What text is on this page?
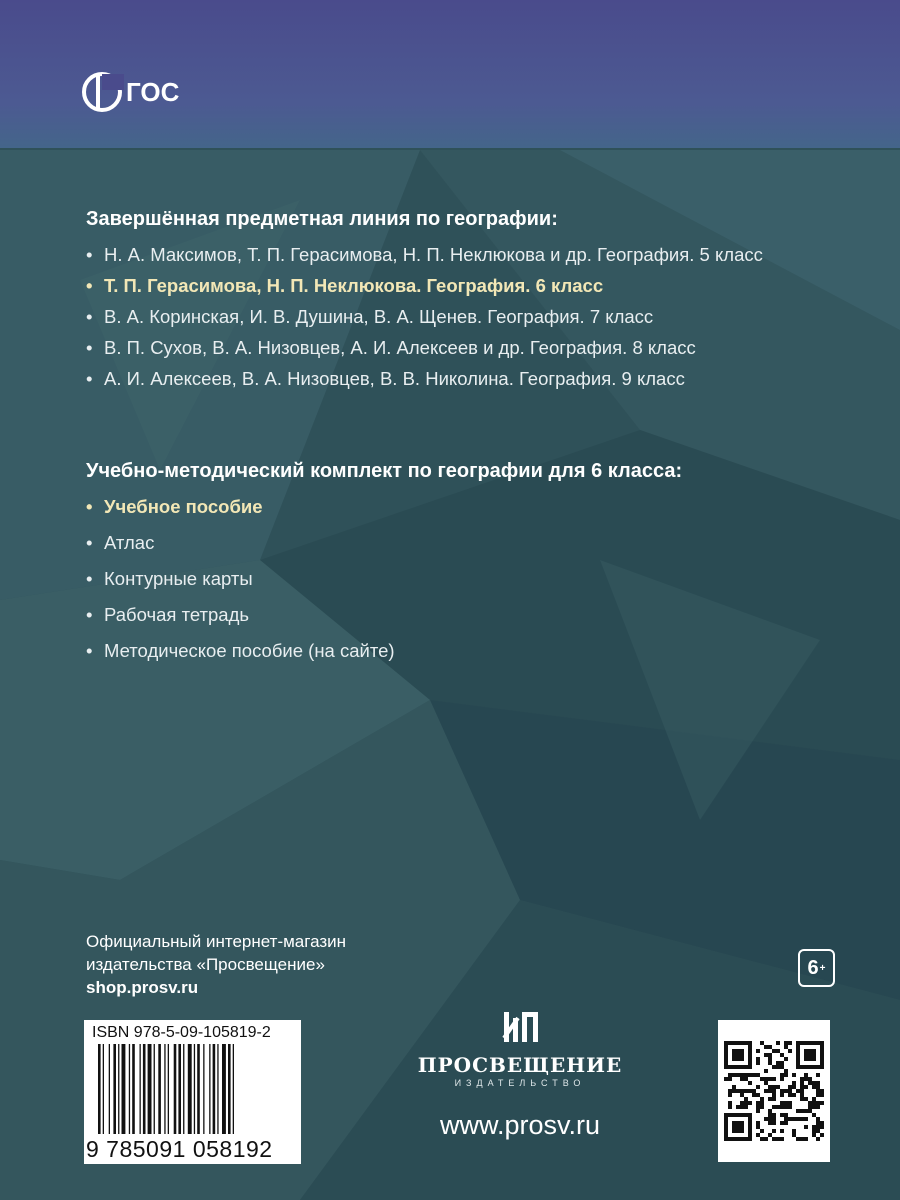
ГОС
Завершённая предметная линия по географии:
• Н. А. Максимов, Т. П. Герасимова, Н. П. Неклюкова и др. География. 5 класс
• Т. П. Герасимова, Н. П. Неклюкова. География. 6 класс
• В. А. Коринская, И. В. Душина, В. А. Щенев. География. 7 класс
• В. П. Сухов, В. А. Низовцев, А. И. Алексеев и др. География. 8 класс
• А. И. Алексеев, В. А. Низовцев, В. В. Николина. География. 9 класс
Учебно-методический комплект по географии для 6 класса:
• Учебное пособие
• Атлас
• Контурные карты
• Рабочая тетрадь
• Методическое пособие (на сайте)
Официальный интернет-магазин
издательства «Просвещение»
shop.prosv.ru
6 +
ISBN 978-5-09-105819-2
9 785091 058192
ПРОСВЕЩЕНИЕ
ИЗДАТЕЛЬСТВО
www.prosv.ru
